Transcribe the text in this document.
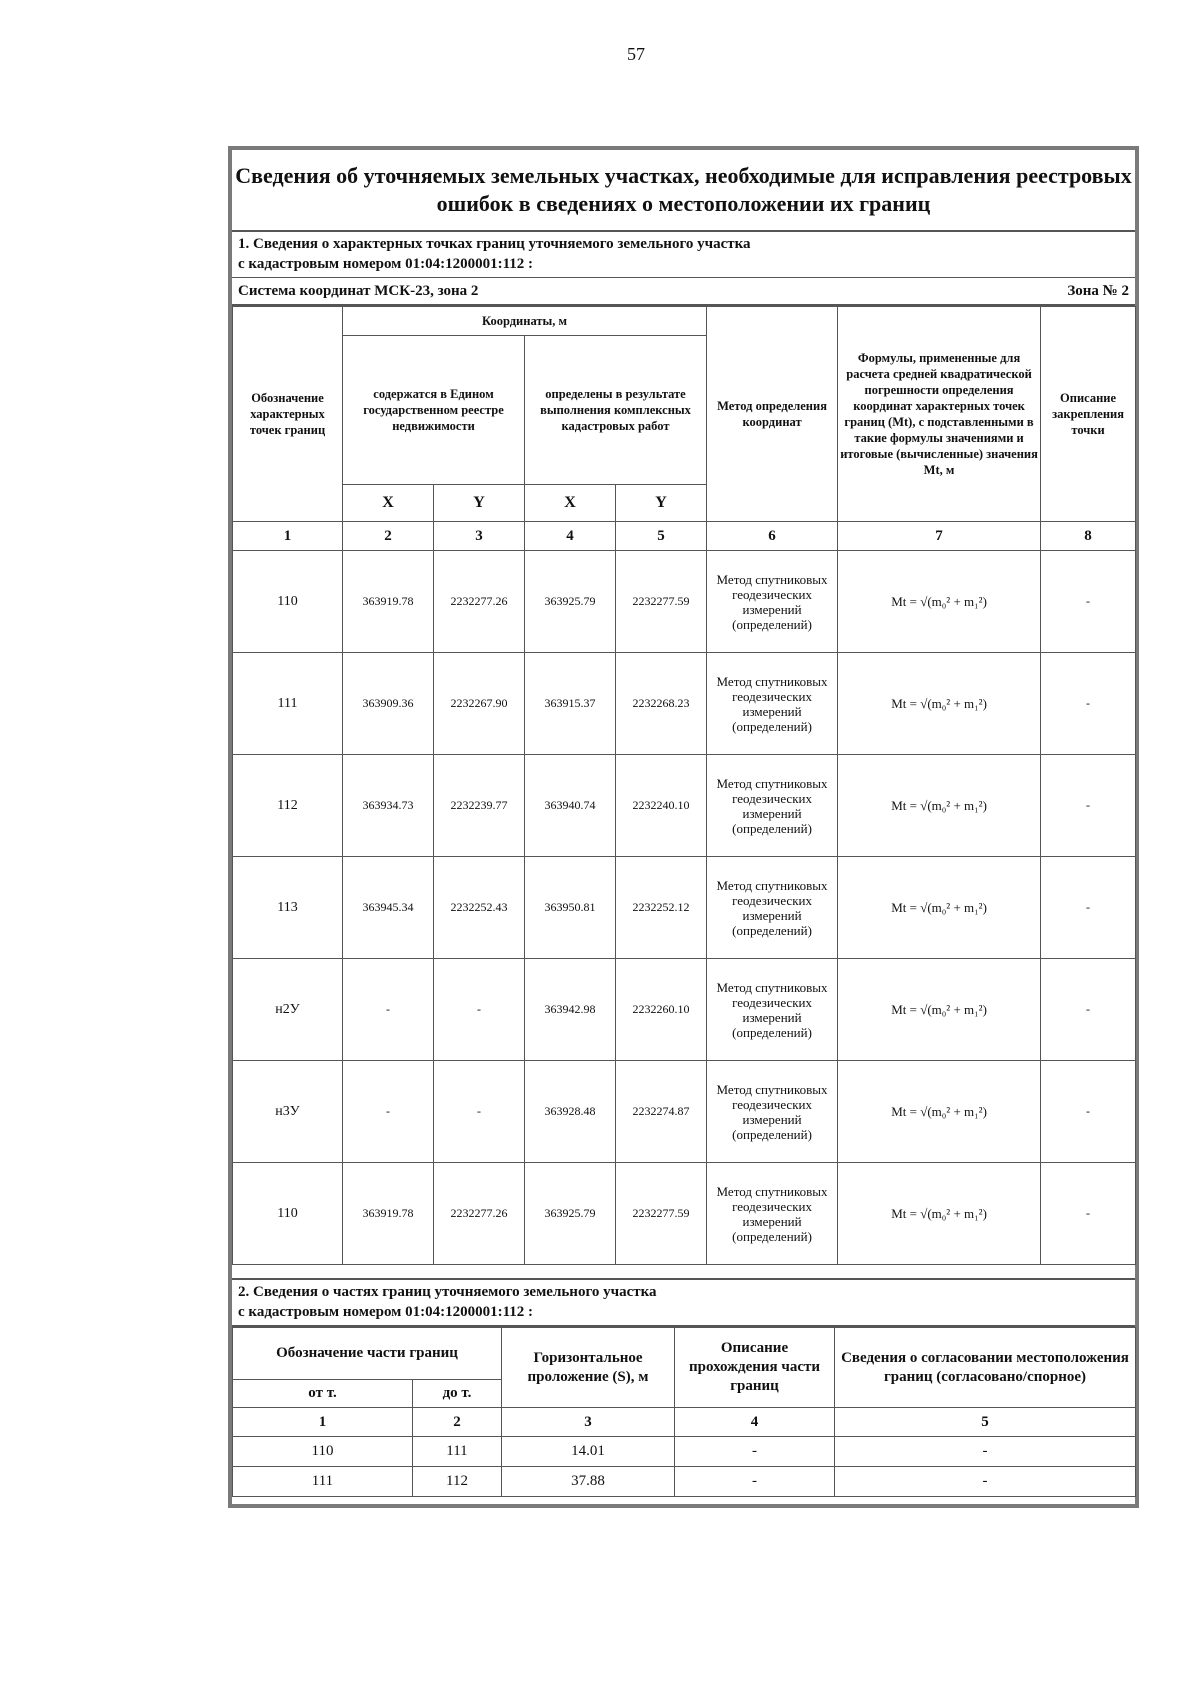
57
Сведения об уточняемых земельных участках, необходимые для исправления реестровых ошибок в сведениях о местоположении их границ
1. Сведения о характерных точках границ уточняемого земельного участка
с кадастровым номером 01:04:1200001:112 :
Система координат МСК-23, зона 2	Зона № 2
Обозначение характерных точек границ	Координаты, м				Метод определения координат	Формулы, примененные для расчета средней квадратической погрешности определения координат характерных точек границ (Mt), с подставленными в такие формулы значениями и итоговые (вычисленные) значения Mt, м	Описание закрепления точки
	содержатся в Едином государственном реестре недвижимости		определены в результате выполнения комплексных кадастровых работ				
	X	Y	X	Y			
1	2	3	4	5	6	7	8
110	363919.78	2232277.26	363925.79	2232277.59	Метод спутниковых геодезических измерений (определений)	Mt = √(m₀² + m₁²)	-
111	363909.36	2232267.90	363915.37	2232268.23	Метод спутниковых геодезических измерений (определений)	Mt = √(m₀² + m₁²)	-
112	363934.73	2232239.77	363940.74	2232240.10	Метод спутниковых геодезических измерений (определений)	Mt = √(m₀² + m₁²)	-
113	363945.34	2232252.43	363950.81	2232252.12	Метод спутниковых геодезических измерений (определений)	Mt = √(m₀² + m₁²)	-
н2У	-	-	363942.98	2232260.10	Метод спутниковых геодезических измерений (определений)	Mt = √(m₀² + m₁²)	-
н3У	-	-	363928.48	2232274.87	Метод спутниковых геодезических измерений (определений)	Mt = √(m₀² + m₁²)	-
110	363919.78	2232277.26	363925.79	2232277.59	Метод спутниковых геодезических измерений (определений)	Mt = √(m₀² + m₁²)	-
2. Сведения о частях границ уточняемого земельного участка
с кадастровым номером 01:04:1200001:112 :
Обозначение части границ		Горизонтальное проложение (S), м	Описание прохождения части границ	Сведения о согласовании местоположения границ (согласовано/спорное)
от т.	до т.			
1	2	3	4	5
110	111	14.01	-	-
111	112	37.88	-	-
